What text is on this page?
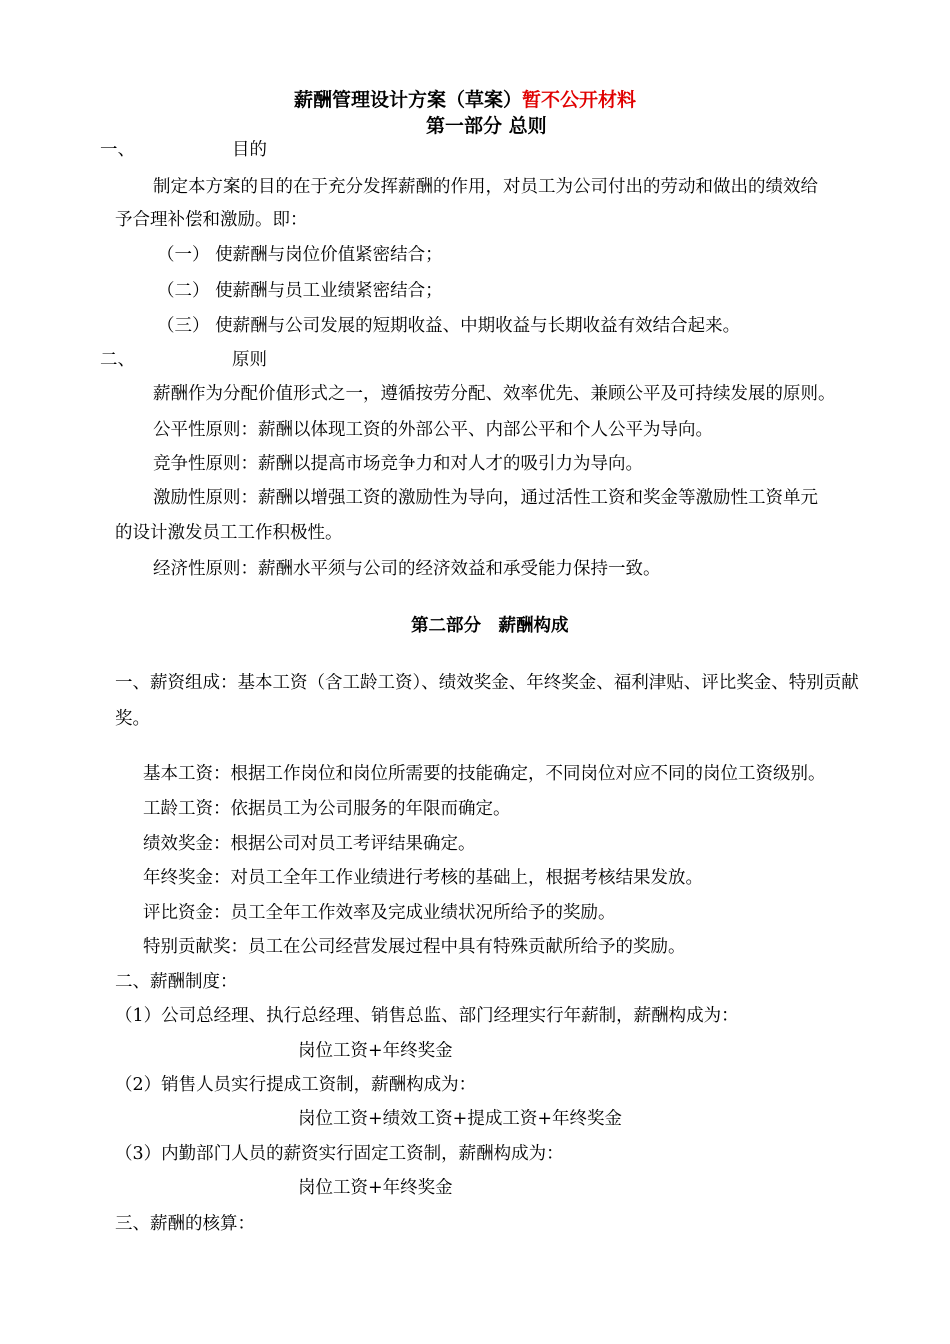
薪酬管理设计方案（草案）暂不公开材料
第一部分 总则
一、	目的
制定本方案的目的在于充分发挥薪酬的作用，对员工为公司付出的劳动和做出的绩效给
予合理补偿和激励。即：
（一） 使薪酬与岗位价值紧密结合；
（二） 使薪酬与员工业绩紧密结合；
（三） 使薪酬与公司发展的短期收益、中期收益与长期收益有效结合起来。
二、	原则
薪酬作为分配价值形式之一，遵循按劳分配、效率优先、兼顾公平及可持续发展的原则。
公平性原则：薪酬以体现工资的外部公平、内部公平和个人公平为导向。
竞争性原则：薪酬以提高市场竞争力和对人才的吸引力为导向。
激励性原则：薪酬以增强工资的激励性为导向，通过活性工资和奖金等激励性工资单元
的设计激发员工工作积极性。
经济性原则：薪酬水平须与公司的经济效益和承受能力保持一致。
第二部分　薪酬构成
一、薪资组成：基本工资（含工龄工资）、绩效奖金、年终奖金、福利津贴、评比奖金、特别贡献
奖。
基本工资：根据工作岗位和岗位所需要的技能确定，不同岗位对应不同的岗位工资级别。
工龄工资：依据员工为公司服务的年限而确定。
绩效奖金：根据公司对员工考评结果确定。
年终奖金：对员工全年工作业绩进行考核的基础上，根据考核结果发放。
评比资金：员工全年工作效率及完成业绩状况所给予的奖励。
特别贡献奖：员工在公司经营发展过程中具有特殊贡献所给予的奖励。
二、薪酬制度：
（1）公司总经理、执行总经理、销售总监、部门经理实行年薪制，薪酬构成为：
岗位工资+年终奖金
（2）销售人员实行提成工资制，薪酬构成为：
岗位工资+绩效工资+提成工资+年终奖金
（3）内勤部门人员的薪资实行固定工资制，薪酬构成为：
岗位工资+年终奖金
三、薪酬的核算：
